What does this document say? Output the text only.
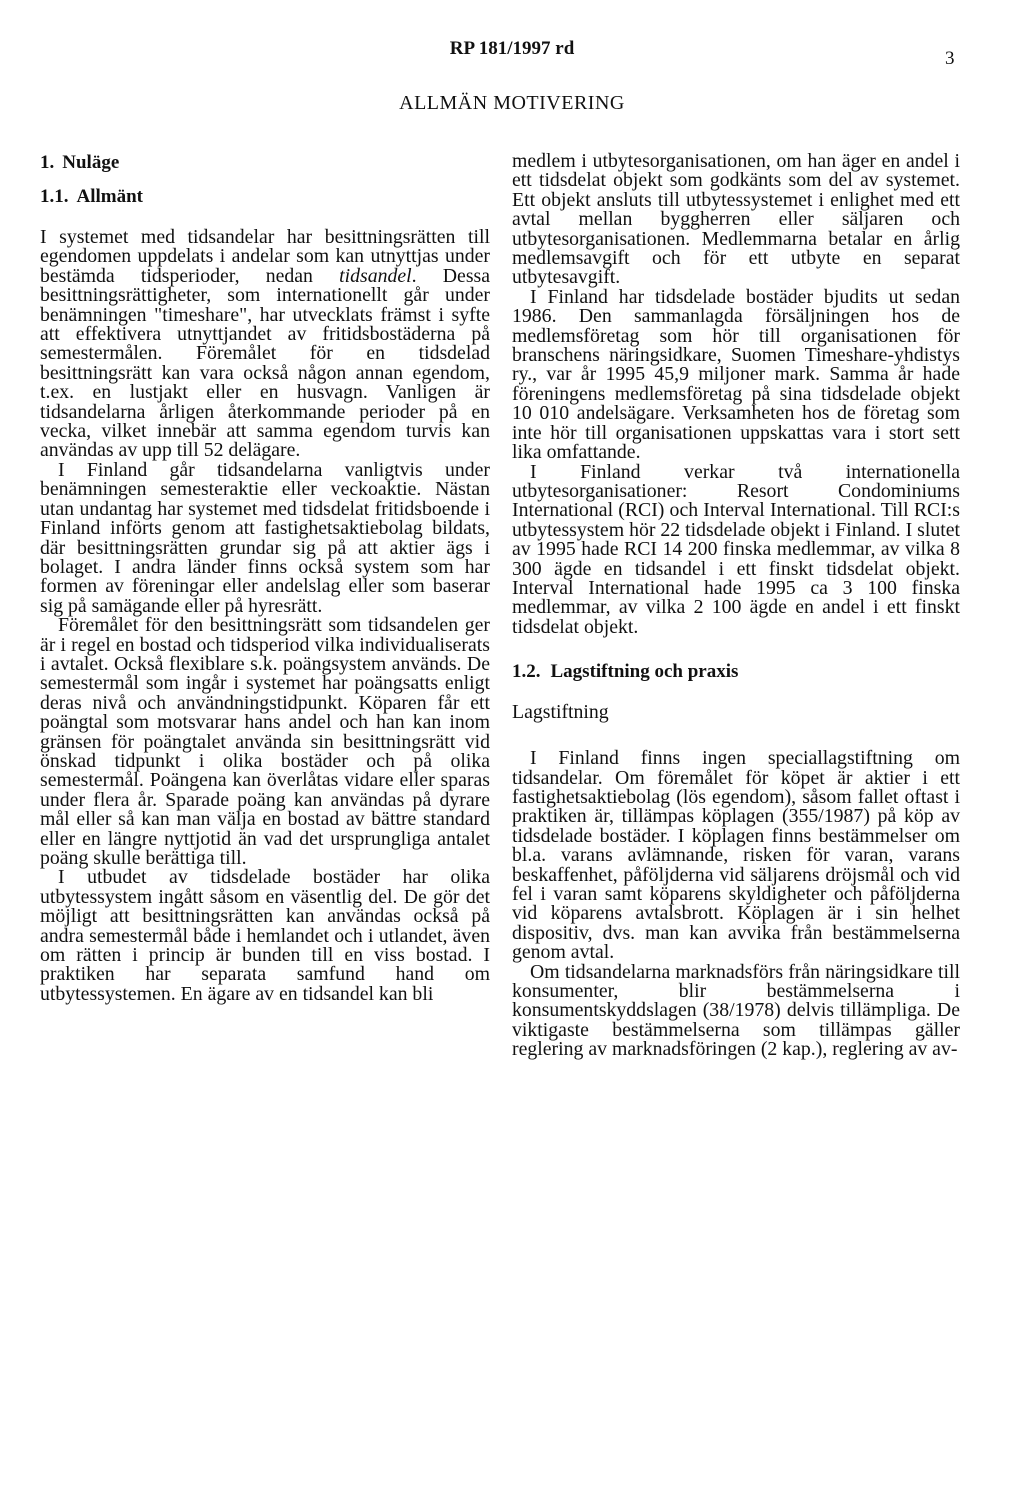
RP 181/1997 rd	3
ALLMÄN MOTIVERING
1. Nuläge
1.1. Allmänt

I systemet med tidsandelar har besittningsrätten till egendomen uppdelats i andelar som kan utnyttjas under bestämda tidsperioder, nedan tidsandel. Dessa besittningsrättigheter, som internationellt går under benämningen "timeshare", har utvecklats främst i syfte att effektivera utnyttjandet av fritidsbostäderna på semestermålen. Föremålet för en tidsdelad besittningsrätt kan vara också någon annan egendom, t.ex. en lustjakt eller en husvagn. Vanligen är tidsandelarna årligen återkommande perioder på en vecka, vilket innebär att samma egendom turvis kan användas av upp till 52 delägare.

I Finland går tidsandelarna vanligtvis under benämningen semesteraktie eller veckoaktie. Nästan utan undantag har systemet med tidsdelat fritidsboende i Finland införts genom att fastighetsaktiebolag bildats, där besittningsrätten grundar sig på att aktier ägs i bolaget. I andra länder finns också system som har formen av föreningar eller andelslag eller som baserar sig på samägande eller på hyresrätt.

Föremålet för den besittningsrätt som tidsandelen ger är i regel en bostad och tidsperiod vilka individualiserats i avtalet. Också flexiblare s.k. poängsystem används. De semestermål som ingår i systemet har poängsatts enligt deras nivå och användningstidpunkt. Köparen får ett poängtal som motsvarar hans andel och han kan inom gränsen för poängtalet använda sin besittningsrätt vid önskad tidpunkt i olika bostäder och på olika semestermål. Poängena kan överlåtas vidare eller sparas under flera år. Sparade poäng kan användas på dyrare mål eller så kan man välja en bostad av bättre standard eller en längre nyttjotid än vad det ursprungliga antalet poäng skulle berättiga till.

I utbudet av tidsdelade bostäder har olika utbytessystem ingått såsom en väsentlig del. De gör det möjligt att besittningsrätten kan användas också på andra semestermål både i hemlandet och i utlandet, även om rätten i princip är bunden till en viss bostad. I praktiken har separata samfund hand om utbytessystemen. En ägare av en tidsandel kan bli

medlem i utbytesorganisationen, om han äger en andel i ett tidsdelat objekt som godkänts som del av systemet. Ett objekt ansluts till utbytessystemet i enlighet med ett avtal mellan byggherren eller säljaren och utbytesorganisationen. Medlemmarna betalar en årlig medlemsavgift och för ett utbyte en separat utbytesavgift.

I Finland har tidsdelade bostäder bjudits ut sedan 1986. Den sammanlagda försäljningen hos de medlemsföretag som hör till organisationen för branschens näringsidkare, Suomen Timeshare-yhdistys ry., var år 1995 45,9 miljoner mark. Samma år hade föreningens medlemsföretag på sina tidsdelade objekt 10 010 andelsägare. Verksamheten hos de företag som inte hör till organisationen uppskattas vara i stort sett lika omfattande.

I Finland verkar två internationella utbytesorganisationer: Resort Condominiums International (RCI) och Interval International. Till RCI:s utbytessystem hör 22 tidsdelade objekt i Finland. I slutet av 1995 hade RCI 14 200 finska medlemmar, av vilka 8 300 ägde en tidsandel i ett finskt tidsdelat objekt. Interval International hade 1995 ca 3 100 finska medlemmar, av vilka 2 100 ägde en andel i ett finskt tidsdelat objekt.

1.2. Lagstiftning och praxis
Lagstiftning

I Finland finns ingen speciallagstiftning om tidsandelar. Om föremålet för köpet är aktier i ett fastighetsaktiebolag (lös egendom), såsom fallet oftast i praktiken är, tillämpas köplagen (355/1987) på köp av tidsdelade bostäder. I köplagen finns bestämmelser om bl.a. varans avlämnande, risken för varan, varans beskaffenhet, påföljderna vid säljarens dröjsmål och vid fel i varan samt köparens skyldigheter och påföljderna vid köparens avtalsbrott. Köplagen är i sin helhet dispositiv, dvs. man kan avvika från bestämmelserna genom avtal.

Om tidsandelarna marknadsförs från näringsidkare till konsumenter, blir bestämmelserna i konsumentskyddslagen (38/1978) delvis tillämpliga. De viktigaste bestämmelserna som tillämpas gäller reglering av marknadsföringen (2 kap.), reglering av av-
